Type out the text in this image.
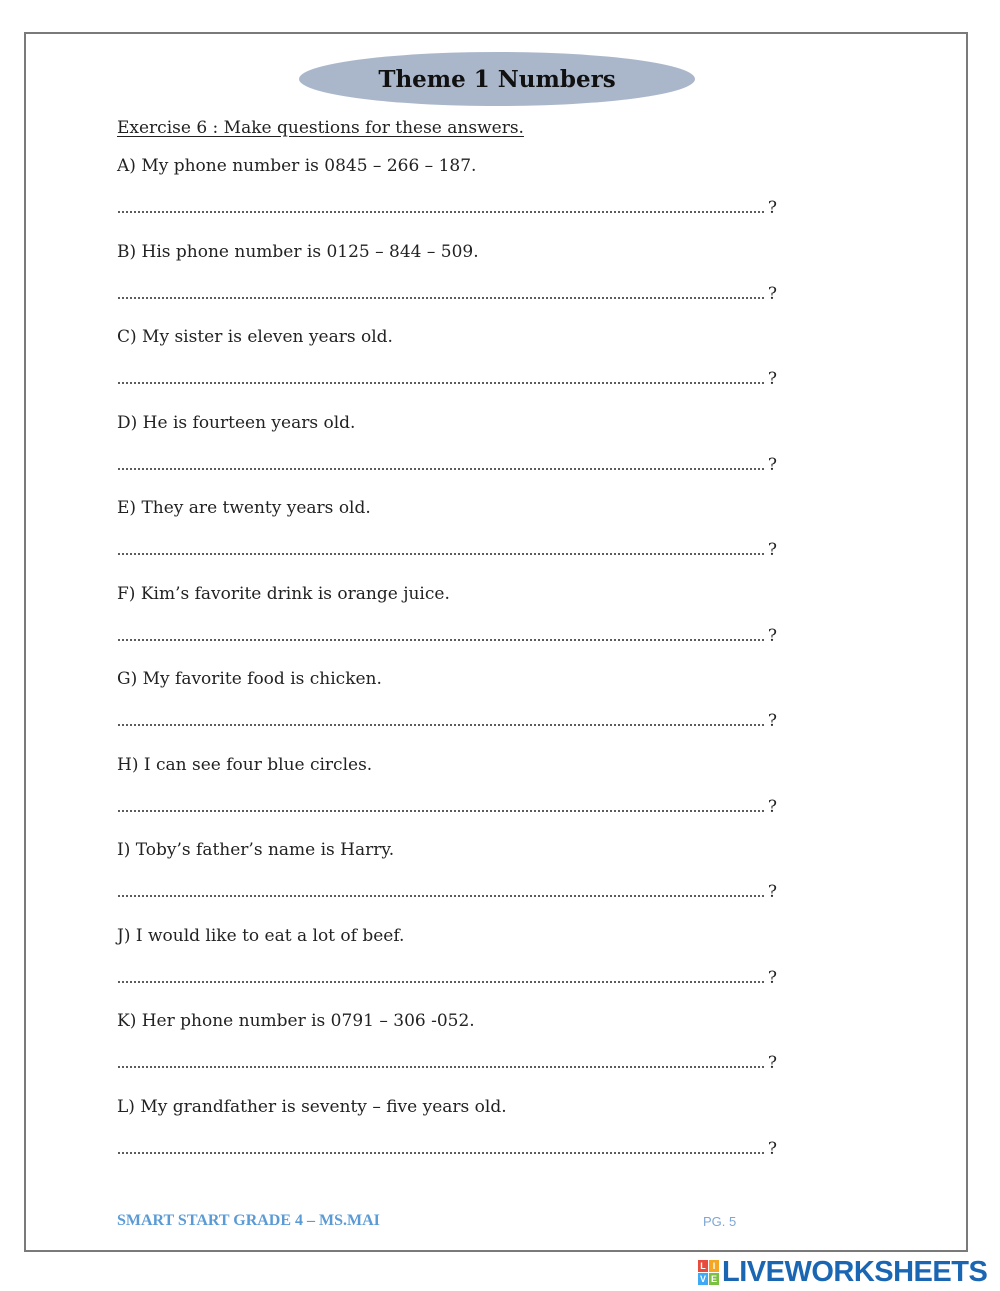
Theme 1 Numbers
Exercise 6 : Make questions for these answers.
A) My phone number is 0845 – 266 – 187.
?
B) His phone number is 0125 – 844 – 509.
?
C) My sister is eleven years old.
?
D) He is fourteen years old.
?
E) They are twenty years old.
?
F) Kim’s favorite drink is orange juice.
?
G) My favorite food is chicken.
?
H) I can see four blue circles.
?
I) Toby’s father’s name is Harry.
?
J) I would like to eat a lot of beef.
?
K) Her phone number is 0791 – 306 -052.
?
L) My grandfather is seventy – five years old.
?
SMART START GRADE 4 – MS.MAI	PG. 5
L I
V E LIVEWORKSHEETS
